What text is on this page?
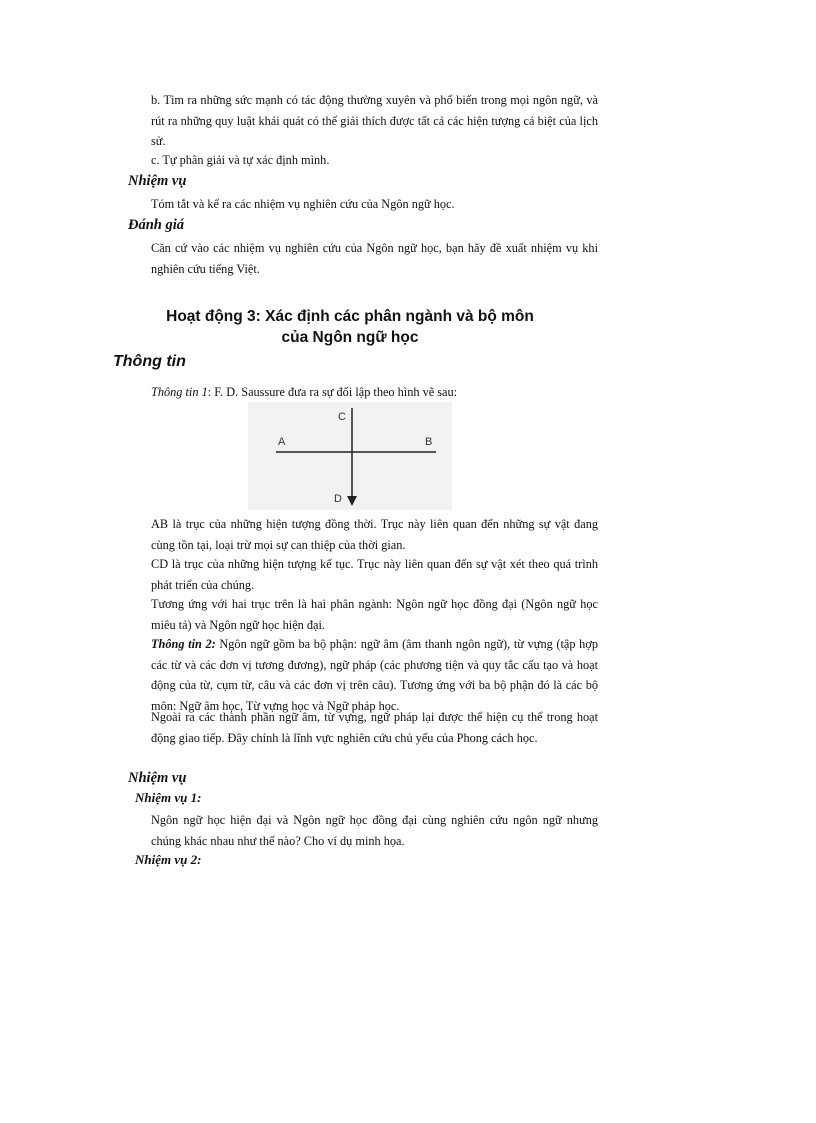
b. Tìm ra những sức mạnh có tác động thường xuyên và phổ biến trong mọi ngôn ngữ, và rút ra những quy luật khái quát có thể giải thích được tất cả các hiện tượng cá biệt của lịch sử.

c. Tự phân giải và tự xác định mình.

Nhiệm vụ

Tóm tắt và kể ra các nhiệm vụ nghiên cứu của Ngôn ngữ học.

Đánh giá

Căn cứ vào các nhiệm vụ nghiên cứu của Ngôn ngữ học, bạn hãy đề xuất nhiệm vụ khi nghiên cứu tiếng Việt.

Hoạt động 3: Xác định các phân ngành và bộ môn

của Ngôn ngữ học

Thông tin

Thông tin 1: F. D. Saussure đưa ra sự đối lập theo hình vẽ sau:

A	B
C
D

AB là trục của những hiện tượng đồng thời. Trục này liên quan đến những sự vật đang cùng tồn tại, loại trừ mọi sự can thiệp của thời gian.

CD là trục của những hiện tượng kế tục. Trục này liên quan đến sự vật xét theo quá trình phát triển của chúng.

Tương ứng với hai trục trên là hai phân ngành: Ngôn ngữ học đồng đại (Ngôn ngữ học miêu tả) và Ngôn ngữ học hiện đại.

Thông tin 2: Ngôn ngữ gồm ba bộ phận: ngữ âm (âm thanh ngôn ngữ), từ vựng (tập hợp các từ và các đơn vị tương đương), ngữ pháp (các phương tiện và quy tắc cấu tạo và hoạt động của từ, cụm từ, câu và các đơn vị trên câu). Tương ứng với ba bộ phận đó là các bộ môn: Ngữ âm học, Từ vựng học và Ngữ pháp học.

Ngoài ra các thành phần ngữ âm, từ vựng, ngữ pháp lại được thể hiện cụ thể trong hoạt động giao tiếp. Đây chính là lĩnh vực nghiên cứu chủ yếu của Phong cách học.

Nhiệm vụ

Nhiệm vụ 1:

Ngôn ngữ học hiện đại và Ngôn ngữ học đồng đại cùng nghiên cứu ngôn ngữ nhưng chúng khác nhau như thế nào? Cho ví dụ minh họa.

Nhiệm vụ 2:
